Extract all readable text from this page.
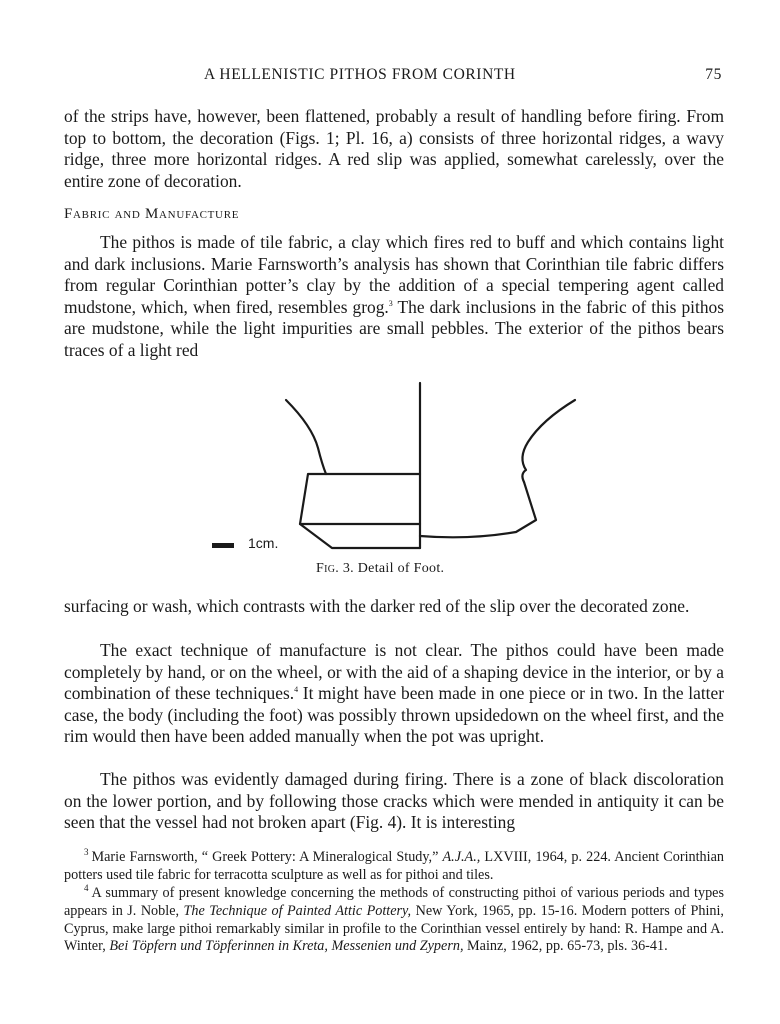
A HELLENISTIC PITHOS FROM CORINTH	75

of the strips have, however, been flattened, probably a result of handling before firing. From top to bottom, the decoration (Figs. 1; Pl. 16, a) consists of three horizontal ridges, a wavy ridge, three more horizontal ridges. A red slip was applied, somewhat carelessly, over the entire zone of decoration.

Fabric and Manufacture

The pithos is made of tile fabric, a clay which fires red to buff and which contains light and dark inclusions. Marie Farnsworth’s analysis has shown that Corinthian tile fabric differs from regular Corinthian potter’s clay by the addition of a special tempering agent called mudstone, which, when fired, resembles grog.$^3$ The dark inclusions in the fabric of this pithos are mudstone, while the light impurities are small pebbles. The exterior of the pithos bears traces of a light red

1cm.
Fig. 3. Detail of Foot.

surfacing or wash, which contrasts with the darker red of the slip over the decorated zone.

The exact technique of manufacture is not clear. The pithos could have been made completely by hand, or on the wheel, or with the aid of a shaping device in the interior, or by a combination of these techniques.$^4$ It might have been made in one piece or in two. In the latter case, the body (including the foot) was possibly thrown upsidedown on the wheel first, and the rim would then have been added manually when the pot was upright.

The pithos was evidently damaged during firing. There is a zone of black discoloration on the lower portion, and by following those cracks which were mended in antiquity it can be seen that the vessel had not broken apart (Fig. 4). It is interesting

$^3$ Marie Farnsworth, “ Greek Pottery: A Mineralogical Study,” A.J.A., LXVIII, 1964, p. 224. Ancient Corinthian potters used tile fabric for terracotta sculpture as well as for pithoi and tiles.

$^4$ A summary of present knowledge concerning the methods of constructing pithoi of various periods and types appears in J. Noble, The Technique of Painted Attic Pottery, New York, 1965, pp. 15-16. Modern potters of Phini, Cyprus, make large pithoi remarkably similar in profile to the Corinthian vessel entirely by hand: R. Hampe and A. Winter, Bei Töpfern und Töpferinnen in Kreta, Messenien und Zypern, Mainz, 1962, pp. 65-73, pls. 36-41.
